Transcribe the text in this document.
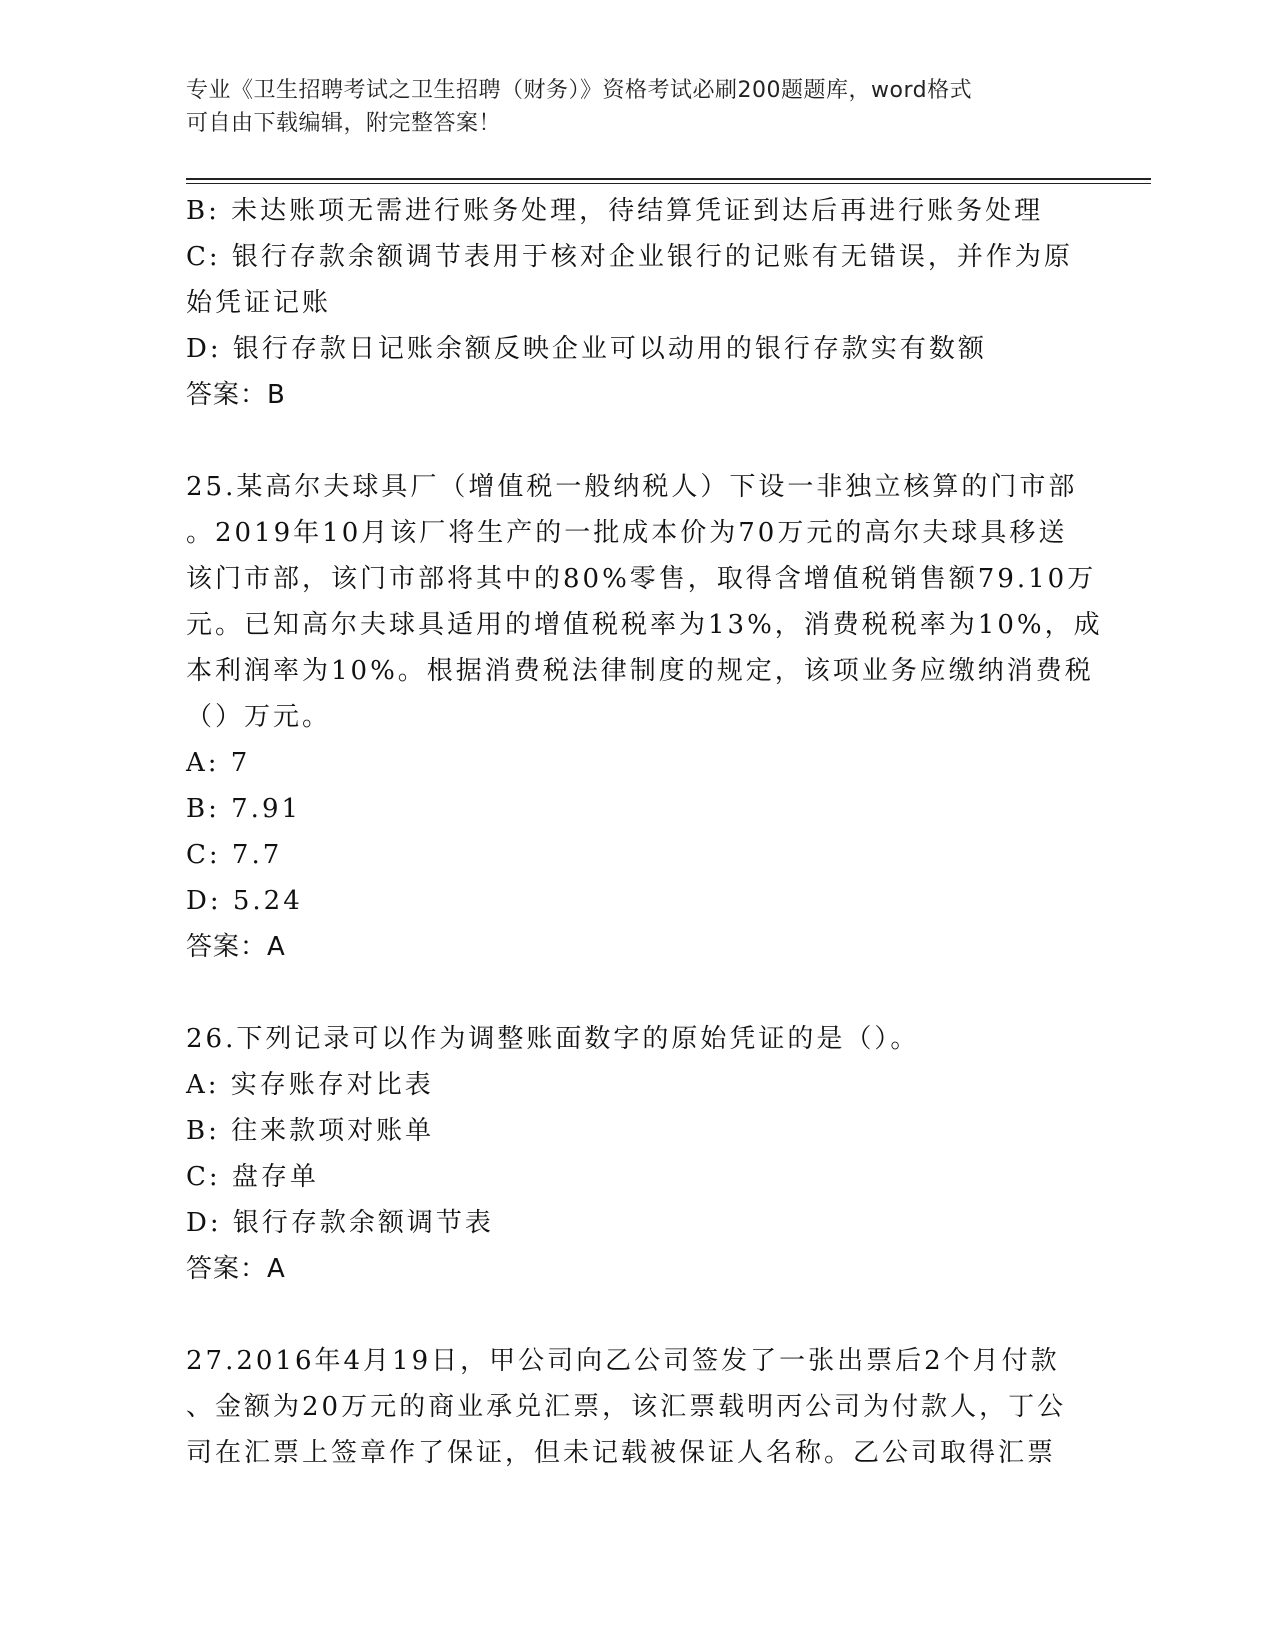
专业《卫生招聘考试之卫生招聘（财务）》资格考试必刷200题题库，word格式
可自由下载编辑，附完整答案！
B: 未达账项无需进行账务处理，待结算凭证到达后再进行账务处理
C: 银行存款余额调节表用于核对企业银行的记账有无错误，并作为原
始凭证记账
D: 银行存款日记账余额反映企业可以动用的银行存款实有数额
答案：B
25.某高尔夫球具厂（增值税一般纳税人）下设一非独立核算的门市部
。2019年10月该厂将生产的一批成本价为70万元的高尔夫球具移送
该门市部，该门市部将其中的80%零售，取得含增值税销售额79.10万
元。已知高尔夫球具适用的增值税税率为13%，消费税税率为10%，成
本利润率为10%。根据消费税法律制度的规定，该项业务应缴纳消费税
（）万元。
A: 7
B: 7.91
C: 7.7
D: 5.24
答案：A
26.下列记录可以作为调整账面数字的原始凭证的是（）。
A: 实存账存对比表
B: 往来款项对账单
C: 盘存单
D: 银行存款余额调节表
答案：A
27.2016年4月19日，甲公司向乙公司签发了一张出票后2个月付款
、金额为20万元的商业承兑汇票，该汇票载明丙公司为付款人，丁公
司在汇票上签章作了保证，但未记载被保证人名称。乙公司取得汇票
